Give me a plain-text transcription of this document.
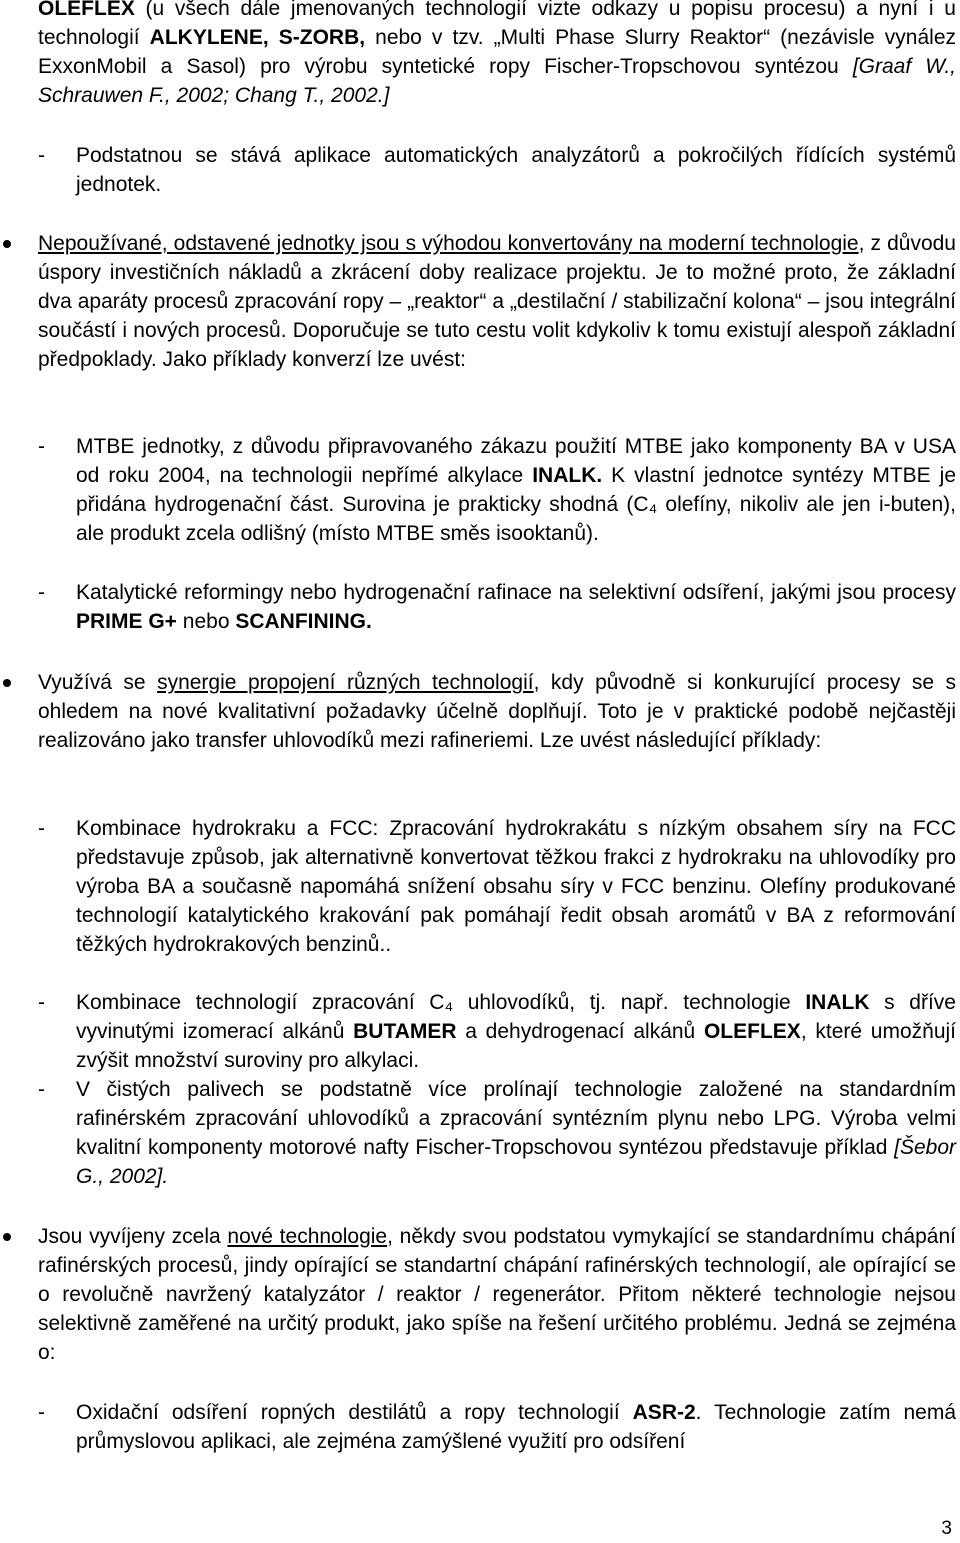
OLEFLEX (u všech dále jmenovaných technologií vizte odkazy u popisu procesu) a nyní i u technologií ALKYLENE, S-ZORB, nebo v tzv. „Multi Phase Slurry Reaktor“ (nezávisle vynález ExxonMobil a Sasol) pro výrobu syntetické ropy Fischer-Tropschovou syntézou [Graaf W., Schrauwen F., 2002; Chang T., 2002.]

- Podstatnou se stává aplikace automatických analyzátorů a pokročilých řídících systémů jednotek.
Nepoužívané, odstavené jednotky jsou s výhodou konvertovány na moderní technologie, z důvodu úspory investičních nákladů a zkrácení doby realizace projektu. Je to možné proto, že základní dva aparáty procesů zpracování ropy – „reaktor“ a „destilační / stabilizační kolona“ – jsou integrální součástí i nových procesů. Doporučuje se tuto cestu volit kdykoliv k tomu existují alespoň základní předpoklady. Jako příklady konverzí lze uvést:
- MTBE jednotky, z důvodu připravovaného zákazu použití MTBE jako komponenty BA v USA od roku 2004, na technologii nepřímé alkylace INALK. K vlastní jednotce syntézy MTBE je přidána hydrogenační část. Surovina je prakticky shodná (C₄ olefíny, nikoliv ale jen i-buten), ale produkt zcela odlišný (místo MTBE směs isooktanů).
- Katalytické reformingy nebo hydrogenační rafinace na selektivní odsíření, jakými jsou procesy PRIME G+ nebo SCANFINING.
Využívá se synergie propojení různých technologií, kdy původně si konkurující procesy se s ohledem na nové kvalitativní požadavky účelně doplňují. Toto je v praktické podobě nejčastěji realizováno jako transfer uhlovodíků mezi rafineriemi. Lze uvést následující příklady:
- Kombinace hydrokraku a FCC: Zpracování hydrokrakátu s nízkým obsahem síry na FCC představuje způsob, jak alternativně konvertovat těžkou frakci z hydrokraku na uhlovodíky pro výroba BA a současně napomáhá snížení obsahu síry v FCC benzinu. Olefíny produkované technologií katalytického krakování pak pomáhají ředit obsah aromátů v BA z reformování těžkých hydrokrakových benzinů..
- Kombinace technologií zpracování C₄ uhlovodíků, tj. např. technologie INALK s dříve vyvinutými izomerací alkánů BUTAMER a dehydrogenací alkánů OLEFLEX, které umožňují zvýšit množství suroviny pro alkylaci.
- V čistých palivech se podstatně více prolínají technologie založené na standardním rafinérském zpracování uhlovodíků a zpracování syntézním plynu nebo LPG. Výroba velmi kvalitní komponenty motorové nafty Fischer-Tropschovou syntézou představuje příklad [Šebor G., 2002].
Jsou vyvíjeny zcela nové technologie, někdy svou podstatou vymykající se standardnímu chápání rafinérských procesů, jindy opírající se standartní chápání rafinérských technologií, ale opírající se o revolučně navržený katalyzátor / reaktor / regenerátor. Přitom některé technologie nejsou selektivně zaměřené na určitý produkt, jako spíše na řešení určitého problému. Jedná se zejména o:
- Oxidační odsíření ropných destilátů a ropy technologií ASR-2. Technologie zatím nemá průmyslovou aplikaci, ale zejména zamýšlené využití pro odsíření
3
